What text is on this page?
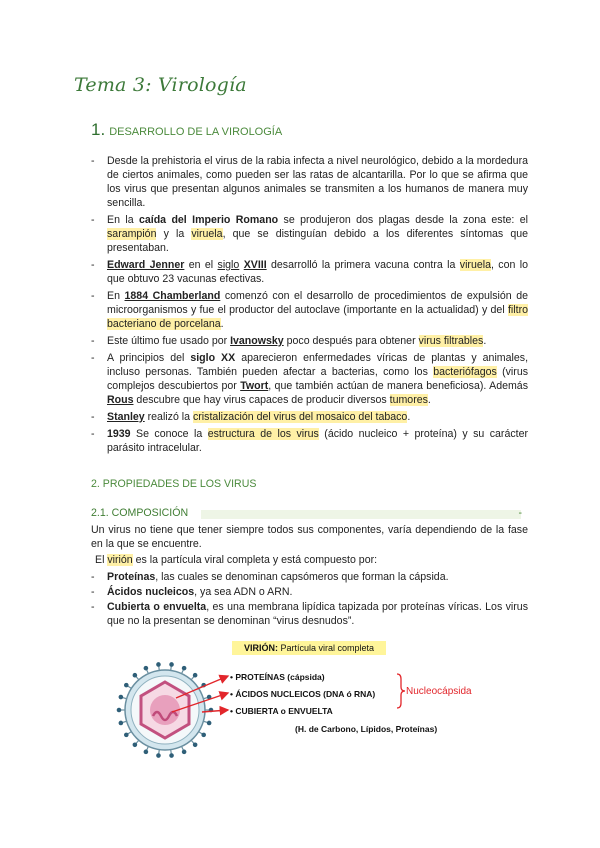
Tema 3: Virología
1. DESARROLLO DE LA VIROLOGÍA
- Desde la prehistoria el virus de la rabia infecta a nivel neurológico, debido a la mordedura de ciertos animales, como pueden ser las ratas de alcantarilla. Por lo que se afirma que los virus que presentan algunos animales se transmiten a los humanos de manera muy sencilla.
- En la caída del Imperio Romano se produjeron dos plagas desde la zona este: el sarampión y la viruela, que se distinguían debido a los diferentes síntomas que presentaban.
- Edward Jenner en el siglo XVIII desarrolló la primera vacuna contra la viruela, con lo que obtuvo 23 vacunas efectivas.
- En 1884 Chamberland comenzó con el desarrollo de procedimientos de expulsión de microorganismos y fue el productor del autoclave (importante en la actualidad) y del filtro bacteriano de porcelana.
- Este último fue usado por Ivanowsky poco después para obtener virus filtrables.
- A principios del siglo XX aparecieron enfermedades víricas de plantas y animales, incluso personas. También pueden afectar a bacterias, como los bacteriófagos (virus complejos descubiertos por Twort, que también actúan de manera beneficiosa). Además Rous descubre que hay virus capaces de producir diversos tumores.
- Stanley realizó la cristalización del virus del mosaico del tabaco.
- 1939 Se conoce la estructura de los virus (ácido nucleico + proteína) y su carácter parásito intracelular.
2. PROPIEDADES DE LOS VIRUS
2.1. COMPOSICIÓN	-
Un virus no tiene que tener siempre todos sus componentes, varía dependiendo de la fase en la que se encuentre.
El virión es la partícula viral completa y está compuesto por:
- Proteínas, las cuales se denominan capsómeros que forman la cápsida.
- Ácidos nucleicos, ya sea ADN o ARN.
- Cubierta o envuelta, es una membrana lipídica tapizada por proteínas víricas. Los virus que no la presentan se denominan “virus desnudos”.
VIRIÓN: Partícula viral completa
• PROTEÍNAS (cápsida)
• ÁCIDOS NUCLEICOS (DNA ó RNA)
• CUBIERTA o ENVUELTA
Nucleocápsida
(H. de Carbono, Lípidos, Proteínas)
